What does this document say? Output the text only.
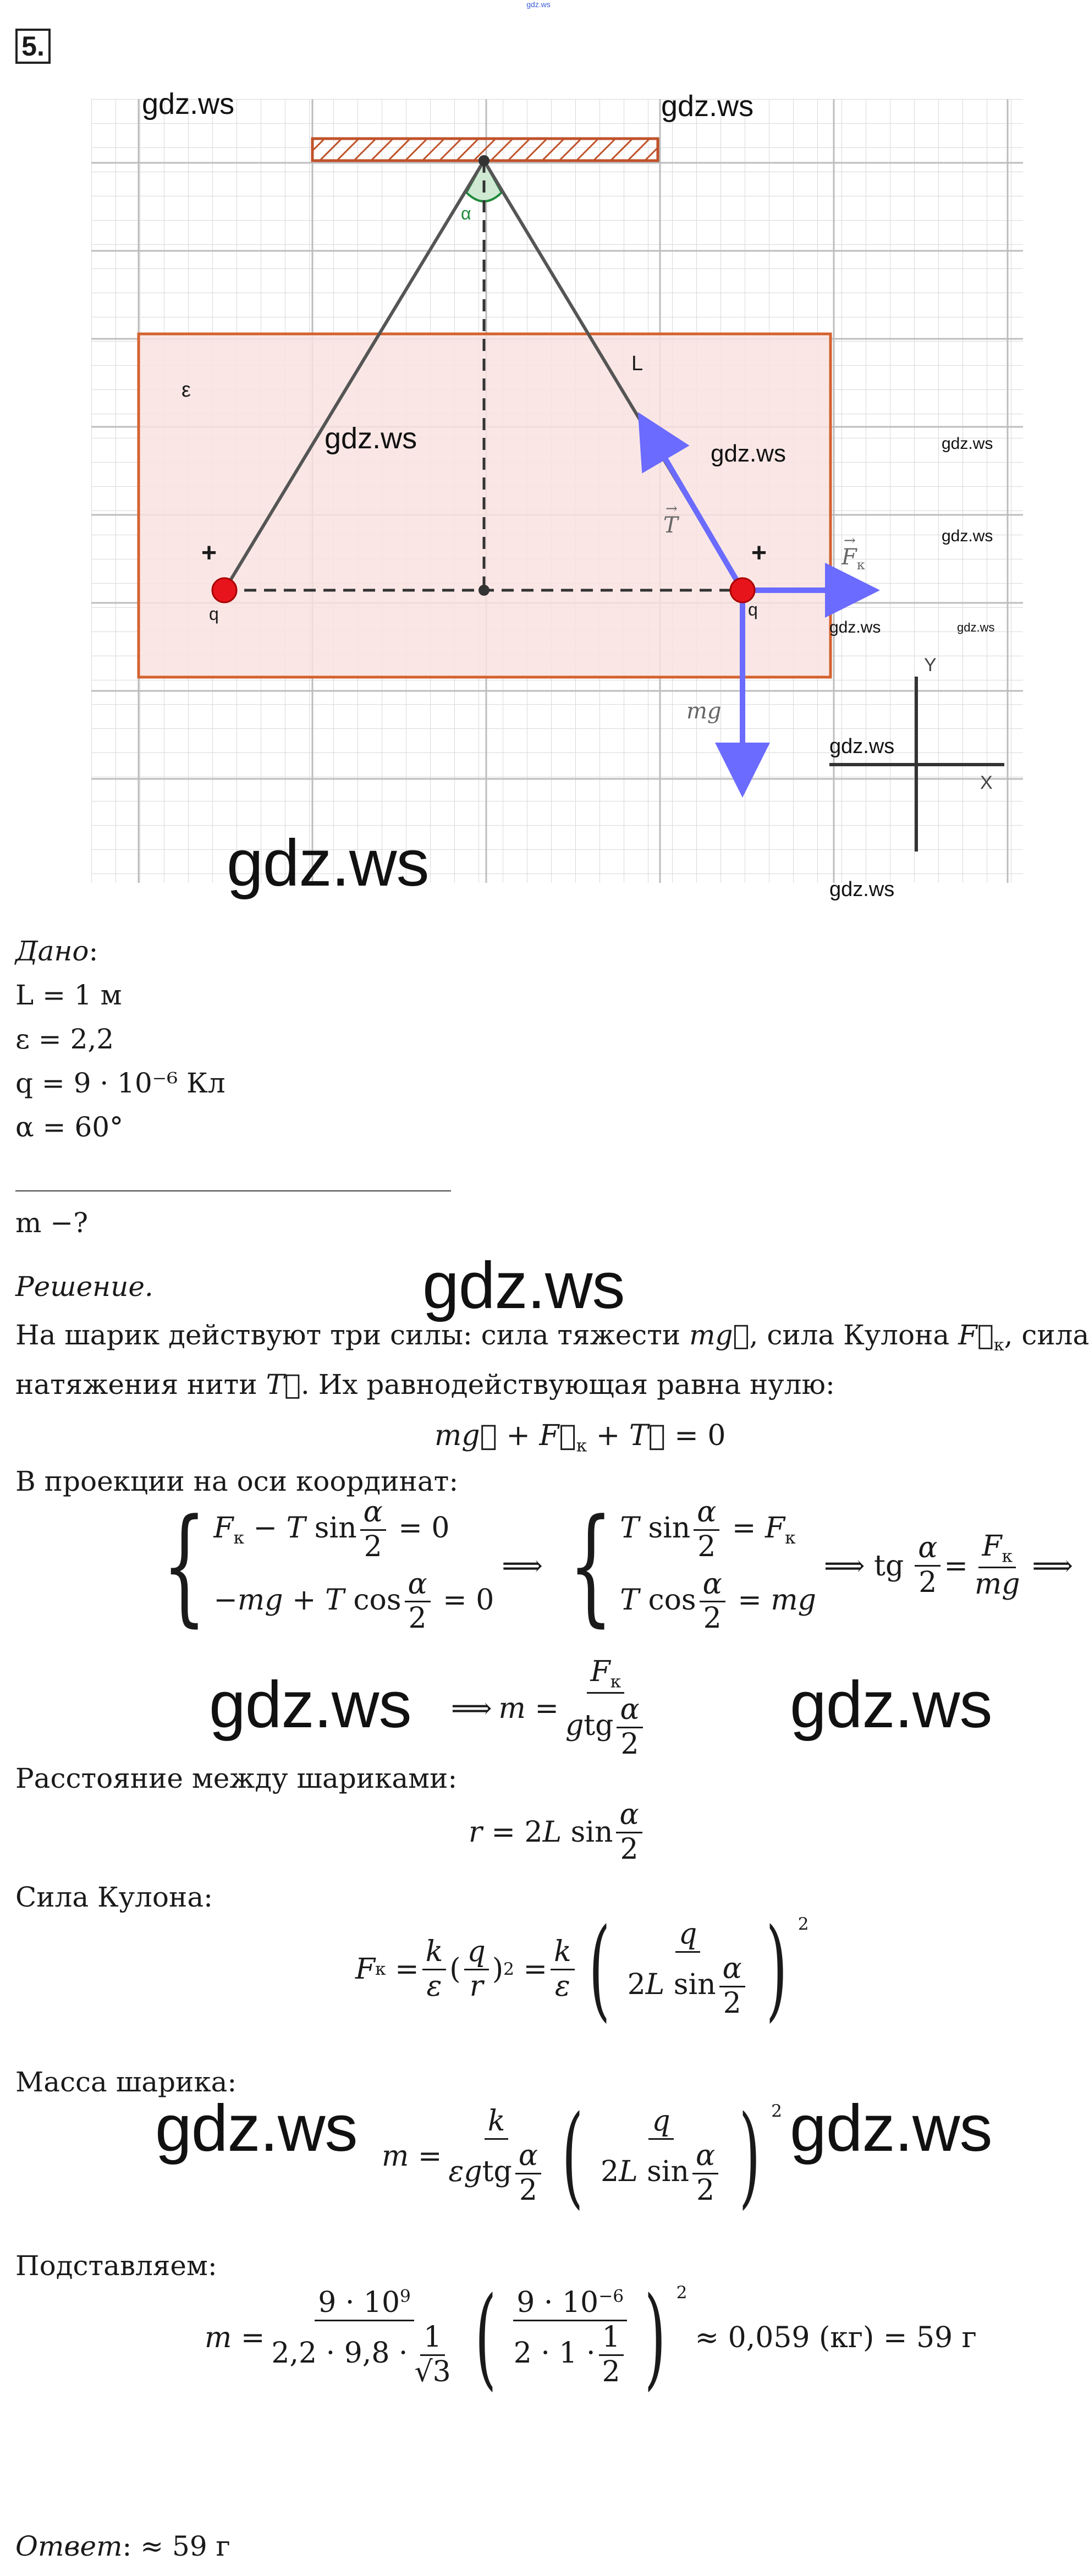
gdz.ws
5.
α
L
ε
+	+
q	q
→
T
→
$F_к$
mg
Y
X
gdz.ws	gdz.ws
gdz.ws	gdz.ws	gdz.ws
gdz.ws
gdz.ws	gdz.ws
gdz.ws
gdz.ws	gdz.ws
Дано:
L = 1 м
ε = 2,2
q = 9 · 10⁻⁶ Кл
α = 60°
m −?
Решение.	gdz.ws
На шарик действуют три силы: сила тяжести mg⃗, сила Кулона $F⃗_к$, сила
натяжения нити T⃗. Их равнодействующая равна нулю:
mg⃗ + $F⃗_к$ + T⃗ = 0
В проекции на оси координат:
{ $F_к - T$ $\sin \frac{\alpha}{2} = 0$
−mg + T $\cos \frac{\alpha}{2} = 0$
⟹ { T $\sin \frac{\alpha}{2} = F_к$
T $\cos \frac{\alpha}{2}$ = mg
⟹ tg $\frac{\alpha}{2} = \frac{F_к}{mg}$ ⟹
gdz.ws ⟹ $m = \frac{F_к}{gtg \frac{\alpha}{2}} gdz.ws$
Расстояние между шариками:
r = 2 L $\sin \frac{\alpha}{2}$
Сила Кулона:
F $к = \frac{k}{\varepsilon}$ ( $\frac{q}{r}$ ) $2 = \frac{k}{\varepsilon}$ ( $\frac{q}{2L \sin \frac{\alpha}{2}}$ ) $^2$
Масса шарика:
gdz.ws $m = \frac{k}{\varepsilon gtg \frac{\alpha}{2}}$ ( $\frac{q}{2L \sin \frac{\alpha}{2}}$ ) $^2$ gdz.ws
Подставляем:
$m = \frac{9 \cdot 10^9}{2,2 \cdot 9,8 \cdot \frac{1}{√3}}$ ( $\frac{9 \cdot 10^{-6}}{2 \cdot 1 \cdot \frac{1}{2}}$ ) $^2$
≈ 0,059 (кг) = 59 г
Ответ: ≈ 59 г
